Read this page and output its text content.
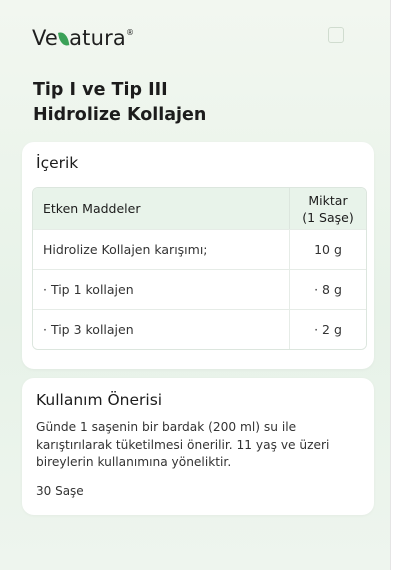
Ve atura®
Tip I ve Tip III
Hidrolize Kollajen
İçerik
Etken Maddeler	Miktar
(1 Saşe)

Hidrolize Kollajen karışımı;	10 g
· Tip 1 kollajen	· 8 g
· Tip 3 kollajen	· 2 g
Kullanım Önerisi

Günde 1 saşenin bir bardak (200 ml) su ile karıştırılarak tüketilmesi önerilir. 11 yaş ve üzeri bireylerin kullanımına yöneliktir.

30 Saşe
